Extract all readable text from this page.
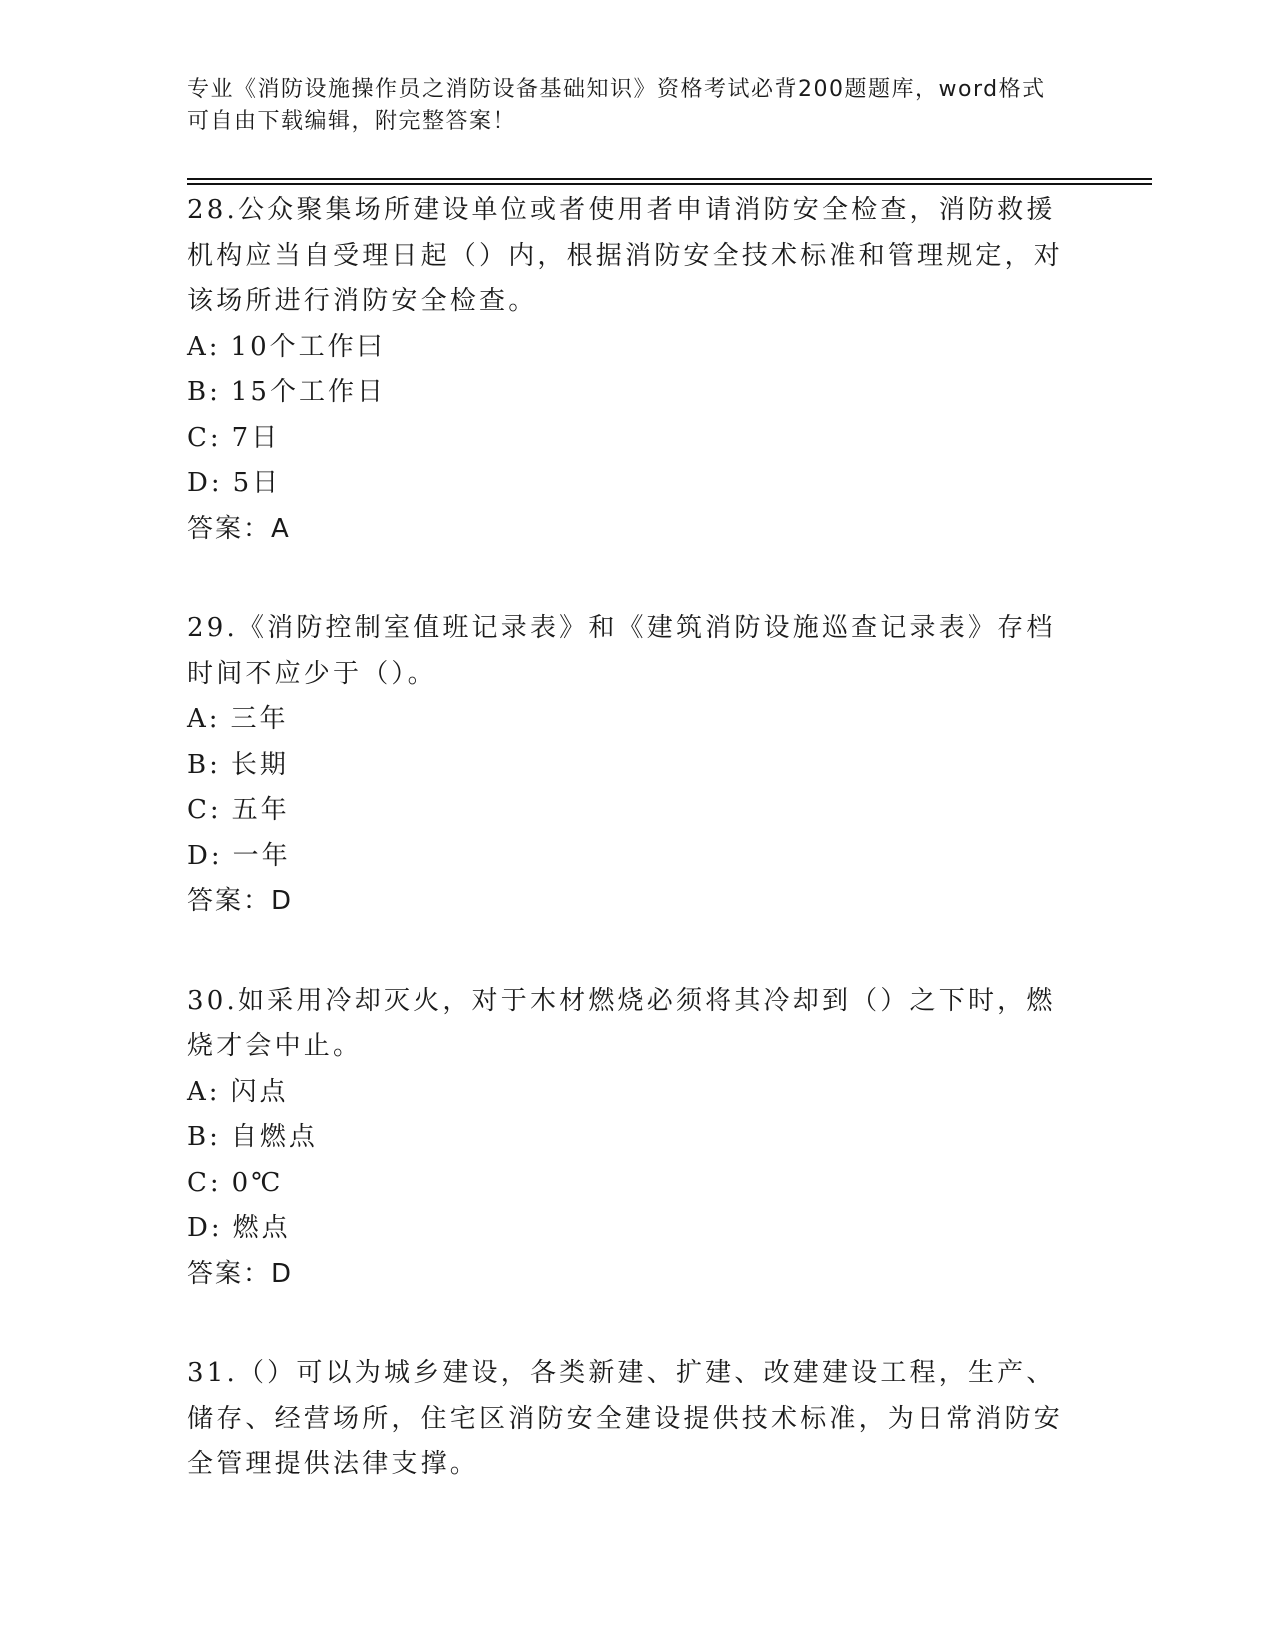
专业《消防设施操作员之消防设备基础知识》资格考试必背200题题库，word格式可自由下载编辑，附完整答案！

28.公众聚集场所建设单位或者使用者申请消防安全检查，消防救援机构应当自受理日起（）内，根据消防安全技术标准和管理规定，对该场所进行消防安全检查。

A: 10个工作曰

B: 15个工作日

C: 7日

D: 5日

答案：A

29.《消防控制室值班记录表》和《建筑消防设施巡查记录表》存档时间不应少于（）。

A: 三年

B: 长期

C: 五年

D: 一年

答案：D

30.如采用冷却灭火，对于木材燃烧必须将其冷却到（）之下时，燃烧才会中止。

A: 闪点

B: 自燃点

C: 0℃

D: 燃点

答案：D

31.（）可以为城乡建设，各类新建、扩建、改建建设工程，生产、储存、经营场所，住宅区消防安全建设提供技术标准，为日常消防安全管理提供法律支撑。
